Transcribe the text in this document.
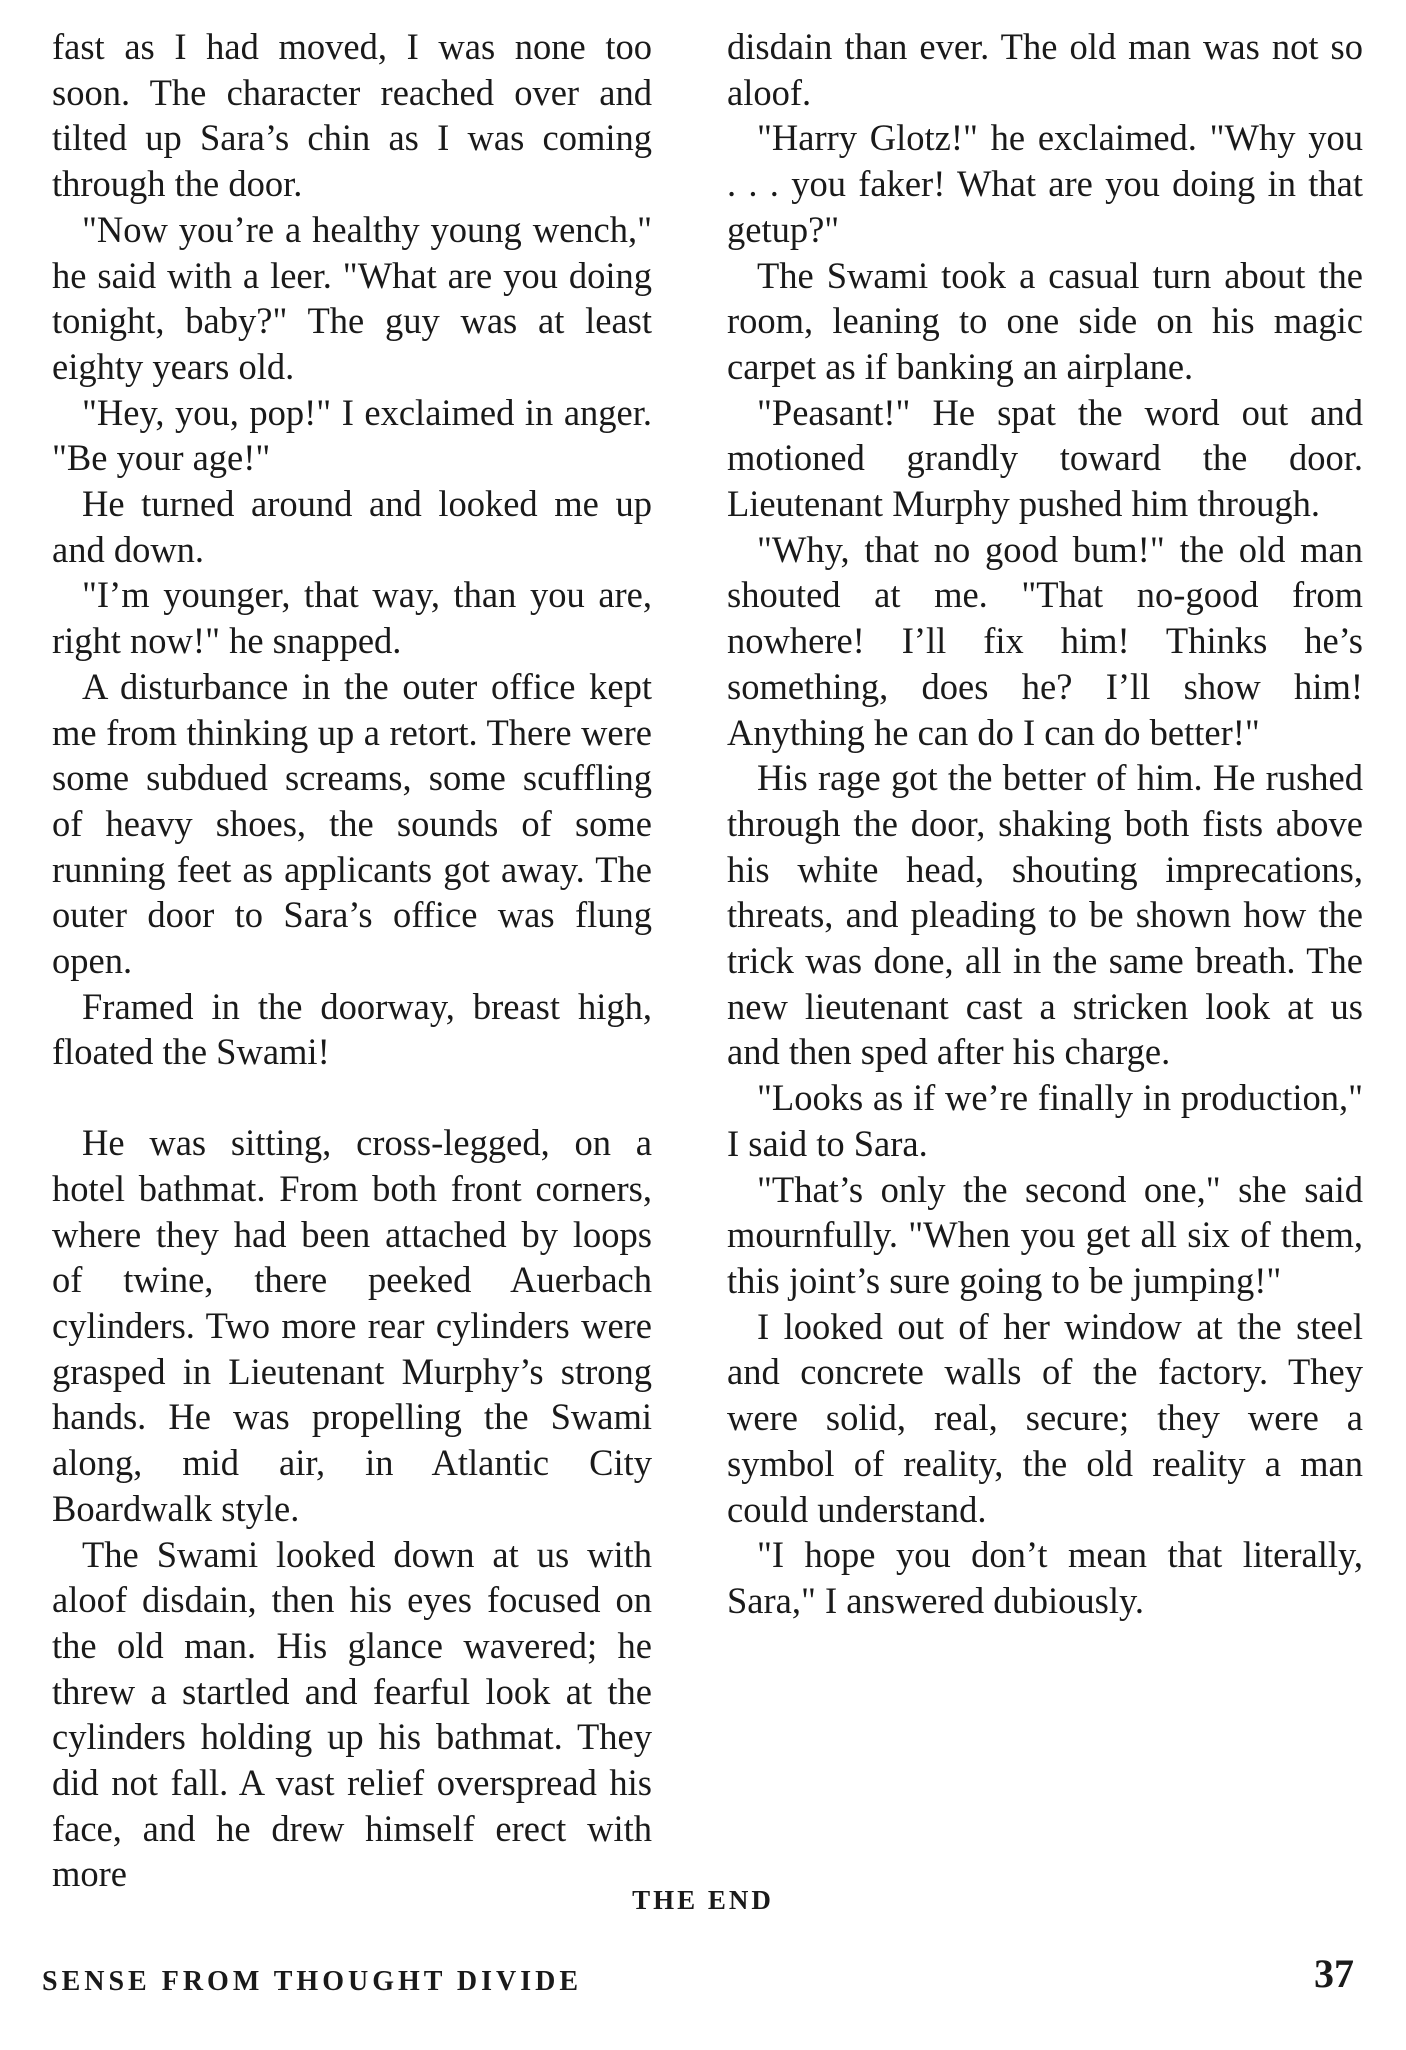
fast as I had moved, I was none too soon. The character reached over and tilted up Sara’s chin as I was coming through the door.

"Now you’re a healthy young wench," he said with a leer. "What are you doing tonight, baby?" The guy was at least eighty years old.

"Hey, you, pop!" I exclaimed in anger. "Be your age!"

He turned around and looked me up and down.

"I’m younger, that way, than you are, right now!" he snapped.

A disturbance in the outer office kept me from thinking up a retort. There were some subdued screams, some scuffling of heavy shoes, the sounds of some running feet as applicants got away. The outer door to Sara’s office was flung open.

Framed in the doorway, breast high, floated the Swami!

He was sitting, cross-legged, on a hotel bathmat. From both front corners, where they had been attached by loops of twine, there peeked Auerbach cylinders. Two more rear cylinders were grasped in Lieutenant Murphy’s strong hands. He was propelling the Swami along, mid air, in Atlantic City Boardwalk style.

The Swami looked down at us with aloof disdain, then his eyes focused on the old man. His glance wavered; he threw a startled and fearful look at the cylinders holding up his bathmat. They did not fall. A vast relief overspread his face, and he drew himself erect with more

disdain than ever. The old man was not so aloof.

"Harry Glotz!" he exclaimed. "Why you . . . you faker! What are you doing in that getup?"

The Swami took a casual turn about the room, leaning to one side on his magic carpet as if banking an airplane.

"Peasant!" He spat the word out and motioned grandly toward the door. Lieutenant Murphy pushed him through.

"Why, that no good bum!" the old man shouted at me. "That no-good from nowhere! I’ll fix him! Thinks he’s something, does he? I’ll show him! Anything he can do I can do better!"

His rage got the better of him. He rushed through the door, shaking both fists above his white head, shouting imprecations, threats, and pleading to be shown how the trick was done, all in the same breath. The new lieutenant cast a stricken look at us and then sped after his charge.

"Looks as if we’re finally in production," I said to Sara.

"That’s only the second one," she said mournfully. "When you get all six of them, this joint’s sure going to be jumping!"

I looked out of her window at the steel and concrete walls of the factory. They were solid, real, secure; they were a symbol of reality, the old reality a man could understand.

"I hope you don’t mean that literally, Sara," I answered dubiously.

THE END
SENSE FROM THOUGHT DIVIDE	37
